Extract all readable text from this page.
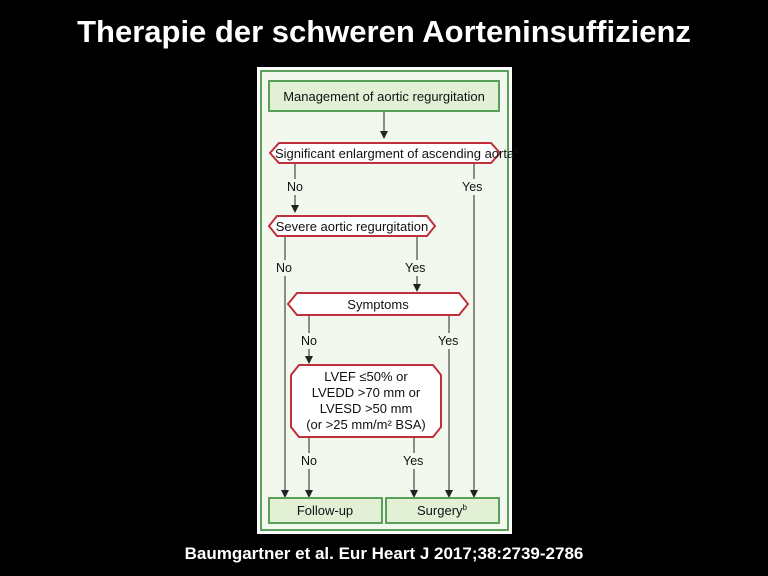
Therapie der schweren Aorteninsuffizienz
Management of aortic regurgitation
Significant enlargment of ascending aorta$^a$
No	Yes
Severe aortic regurgitation
No	Yes
Symptoms
No	Yes
LVEF ≤50% or
LVEDD >70 mm or
LVESD >50 mm
(or >25 mm/m² BSA)
No	Yes
Follow-up	Surgery$^b$
Baumgartner et al. Eur Heart J 2017;38:2739-2786
